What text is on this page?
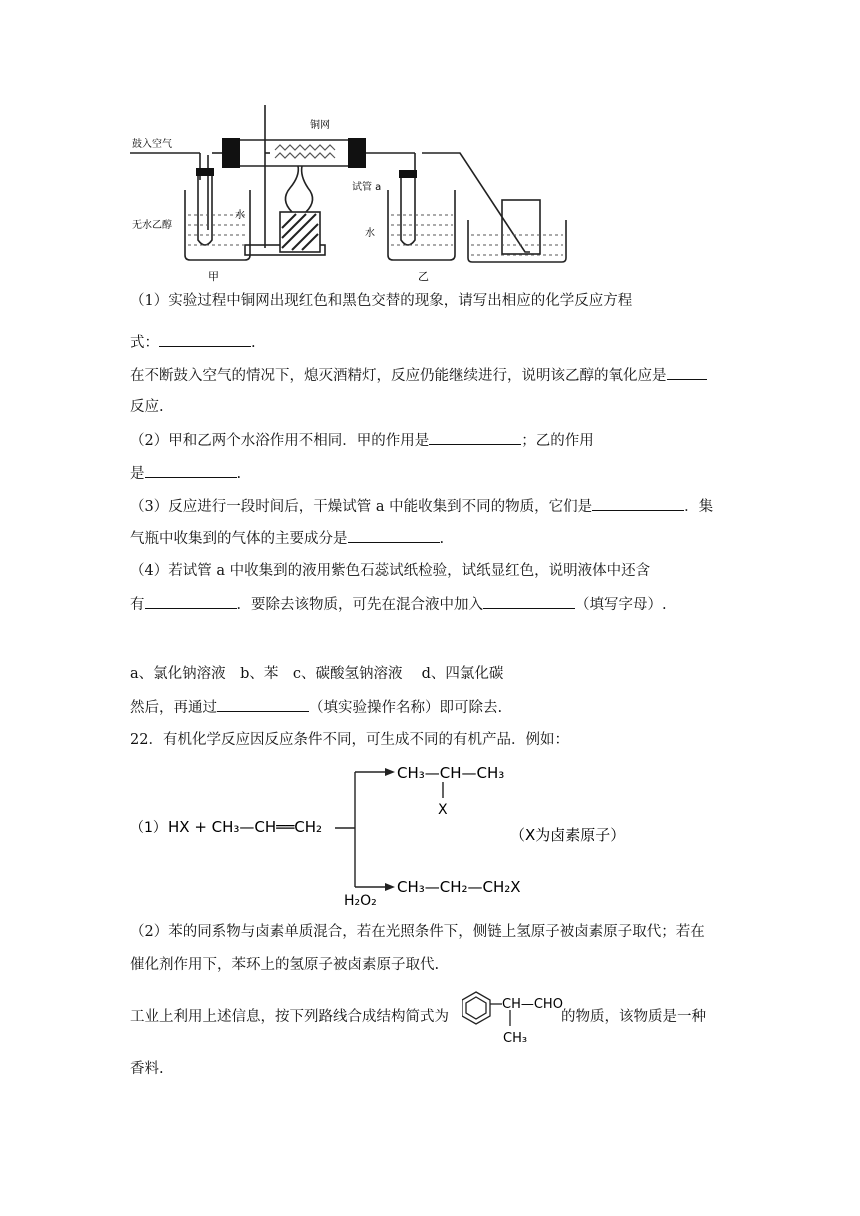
鼓入空气
铜网
无水乙醇
水
试管 a
水
甲	乙
（1）实验过程中铜网出现红色和黑色交替的现象，请写出相应的化学反应方程
式：	.
在不断鼓入空气的情况下，熄灭酒精灯，反应仍能继续进行，说明该乙醇的氧化应是
反应.
（2）甲和乙两个水浴作用不相同．甲的作用是	；乙的作用
是	.
（3）反应进行一段时间后，干燥试管 a 中能收集到不同的物质，它们是	．集
气瓶中收集到的气体的主要成分是	.
（4）若试管 a 中收集到的液用紫色石蕊试纸检验，试纸显红色，说明液体中还含
有	．要除去该物质，可先在混合液中加入	（填写字母）.
a、氯化钠溶液　b、苯　c、碳酸氢钠溶液　 d、四氯化碳
然后，再通过	（填实验操作名称）即可除去.
22．有机化学反应因反应条件不同，可生成不同的有机产品．例如：
（1） HX + CH₃—CH══CH₂
CH₃—CH—CH₃
X
（X为卤素原子）
H₂O₂
CH₃—CH₂—CH₂X
（2）苯的同系物与卤素单质混合，若在光照条件下，侧链上氢原子被卤素原子取代；若在
催化剂作用下，苯环上的氢原子被卤素原子取代.
工业上利用上述信息，按下列路线合成结构简式为	的物质，该物质是一种
CH—CHO
CH₃
香料.
